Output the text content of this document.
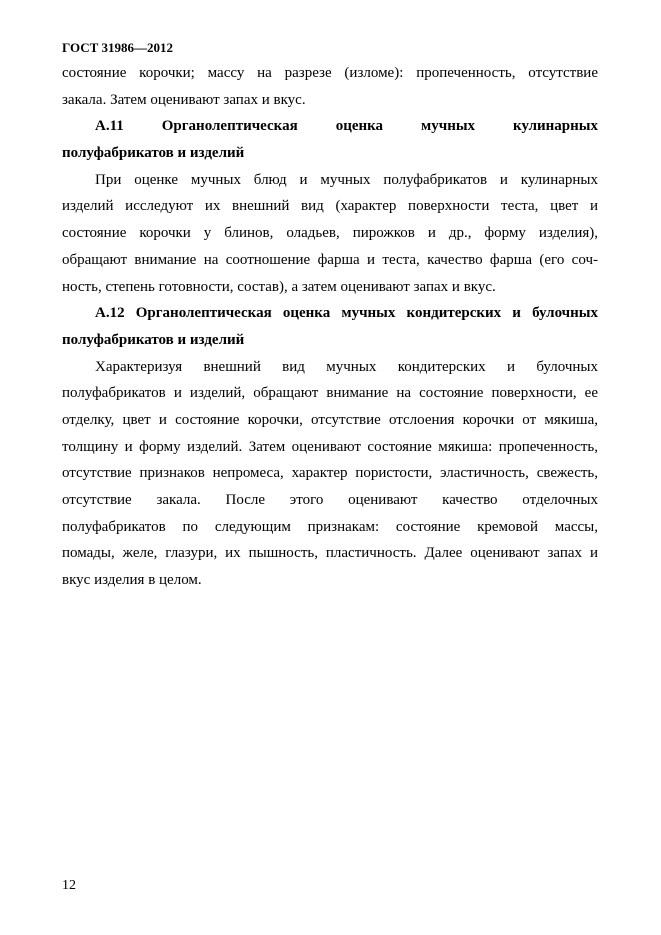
ГОСТ 31986—2012
состояние корочки; массу на разрезе (изломе): пропеченность, отсутствие
закала. Затем оценивают запах и вкус.
А.11 Органолептическая оценка мучных кулинарных
полуфабрикатов и изделий
При оценке мучных блюд и мучных полуфабрикатов и кулинарных
изделий исследуют их внешний вид (характер поверхности теста, цвет и
состояние корочки у блинов, оладьев, пирожков и др., форму изделия),
обращают внимание на соотношение фарша и теста, качество фарша (его соч-
ность, степень готовности, состав), а затем оценивают запах и вкус.
А.12 Органолептическая оценка мучных кондитерских и булочных
полуфабрикатов и изделий
Характеризуя внешний вид мучных кондитерских и булочных
полуфабрикатов и изделий, обращают внимание на состояние поверхности, ее
отделку, цвет и состояние корочки, отсутствие отслоения корочки от мякиша,
толщину и форму изделий. Затем оценивают состояние мякиша: пропеченность,
отсутствие признаков непромеса, характер пористости, эластичность, свежесть,
отсутствие закала. После этого оценивают качество отделочных
полуфабрикатов по следующим признакам: состояние кремовой массы,
помады, желе, глазури, их пышность, пластичность. Далее оценивают запах и
вкус изделия в целом.
12
